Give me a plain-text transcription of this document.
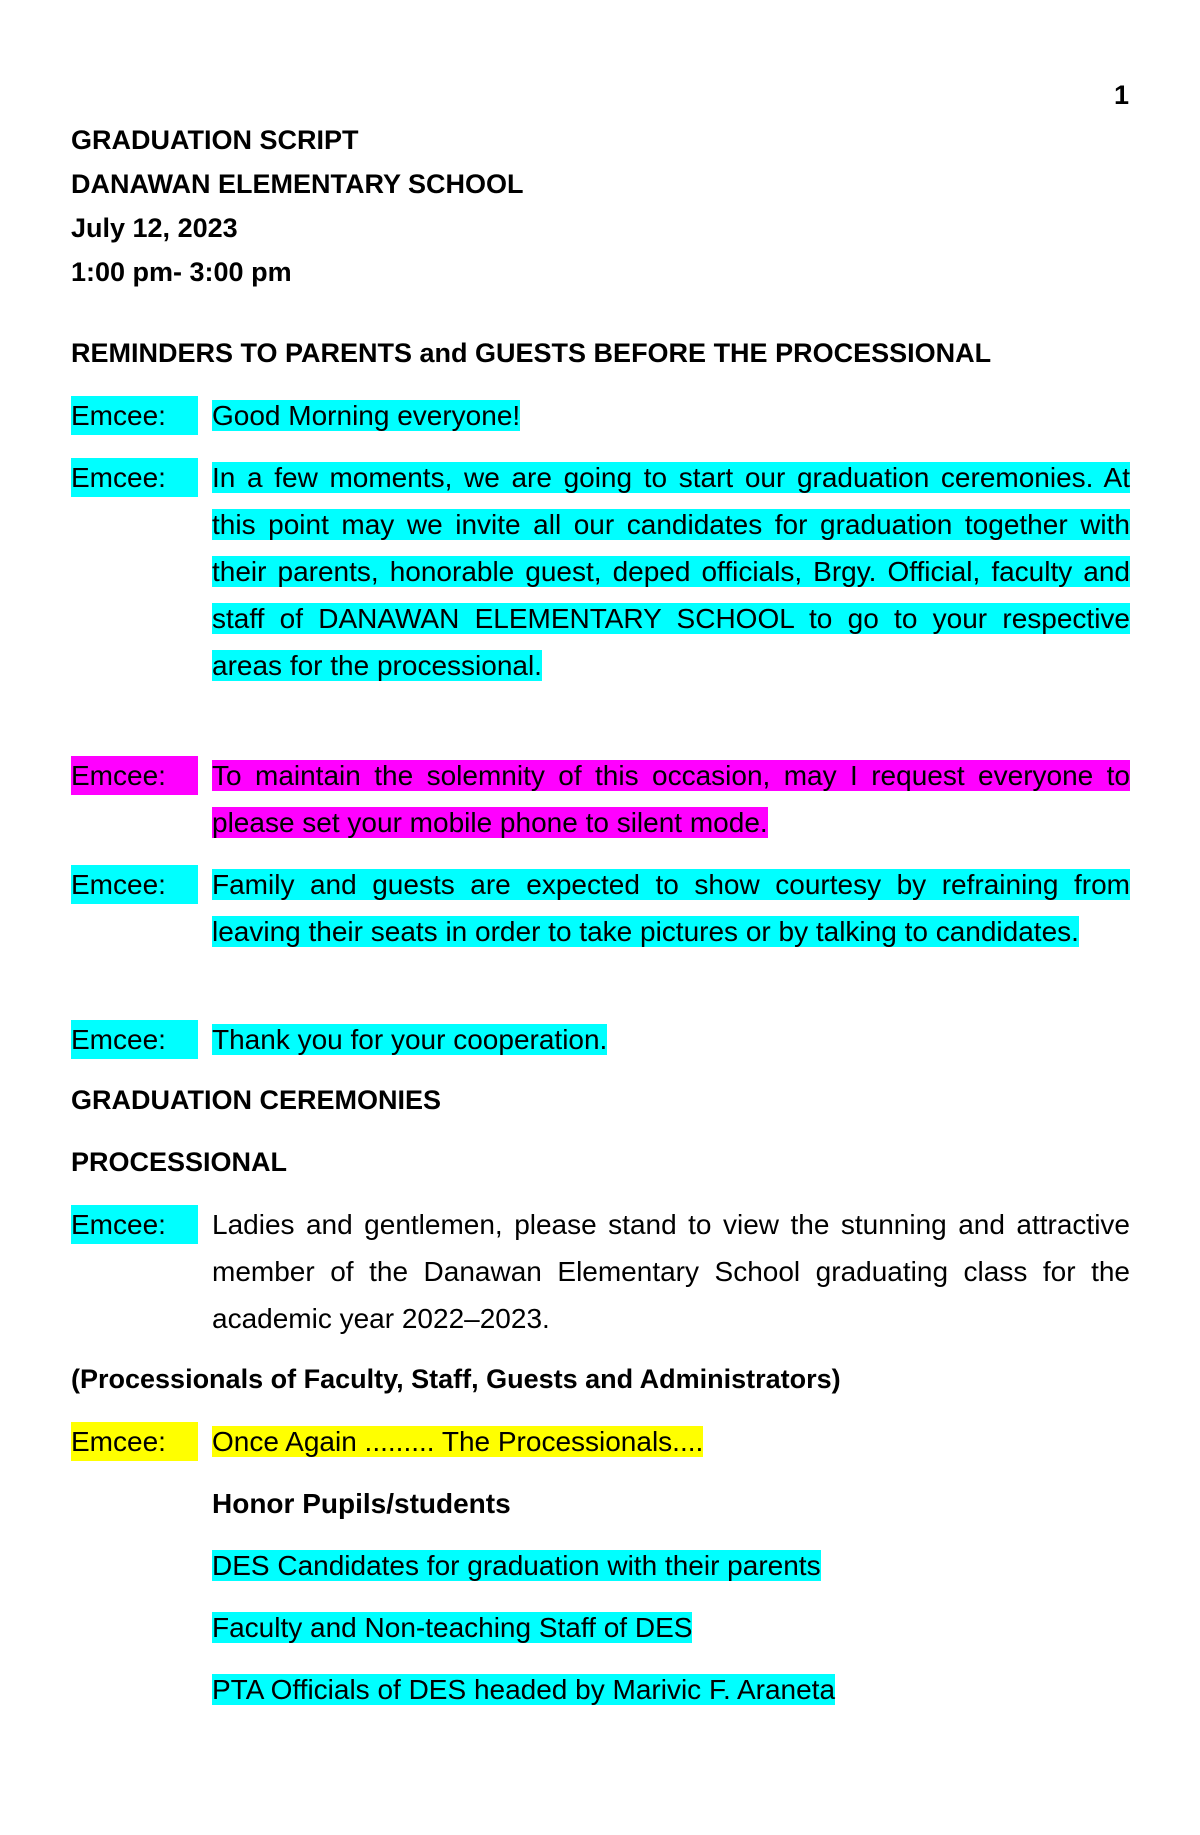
1
GRADUATION SCRIPT
DANAWAN ELEMENTARY SCHOOL
July 12, 2023
1:00 pm- 3:00 pm
REMINDERS TO PARENTS and GUESTS BEFORE THE PROCESSIONAL
Emcee:	Good Morning everyone!
Emcee:	In a few moments, we are going to start our graduation ceremonies. At this point may we invite all our candidates for graduation together with their parents, honorable guest, deped officials, Brgy. Official, faculty and staff of DANAWAN ELEMENTARY SCHOOL to go to your respective areas for the processional.
Emcee:	To maintain the solemnity of this occasion, may I request everyone to please set your mobile phone to silent mode.
Emcee:	Family and guests are expected to show courtesy by refraining from leaving their seats in order to take pictures or by talking to candidates.
Emcee:	Thank you for your cooperation.
GRADUATION CEREMONIES
PROCESSIONAL
Emcee:	Ladies and gentlemen, please stand to view the stunning and attractive member of the Danawan Elementary School graduating class for the academic year 2022–2023.
(Processionals of Faculty, Staff, Guests and Administrators)
Emcee:	Once Again ......... The Processionals....
Honor Pupils/students
DES Candidates for graduation with their parents
Faculty and Non-teaching Staff of DES
PTA Officials of DES headed by Marivic F. Araneta
